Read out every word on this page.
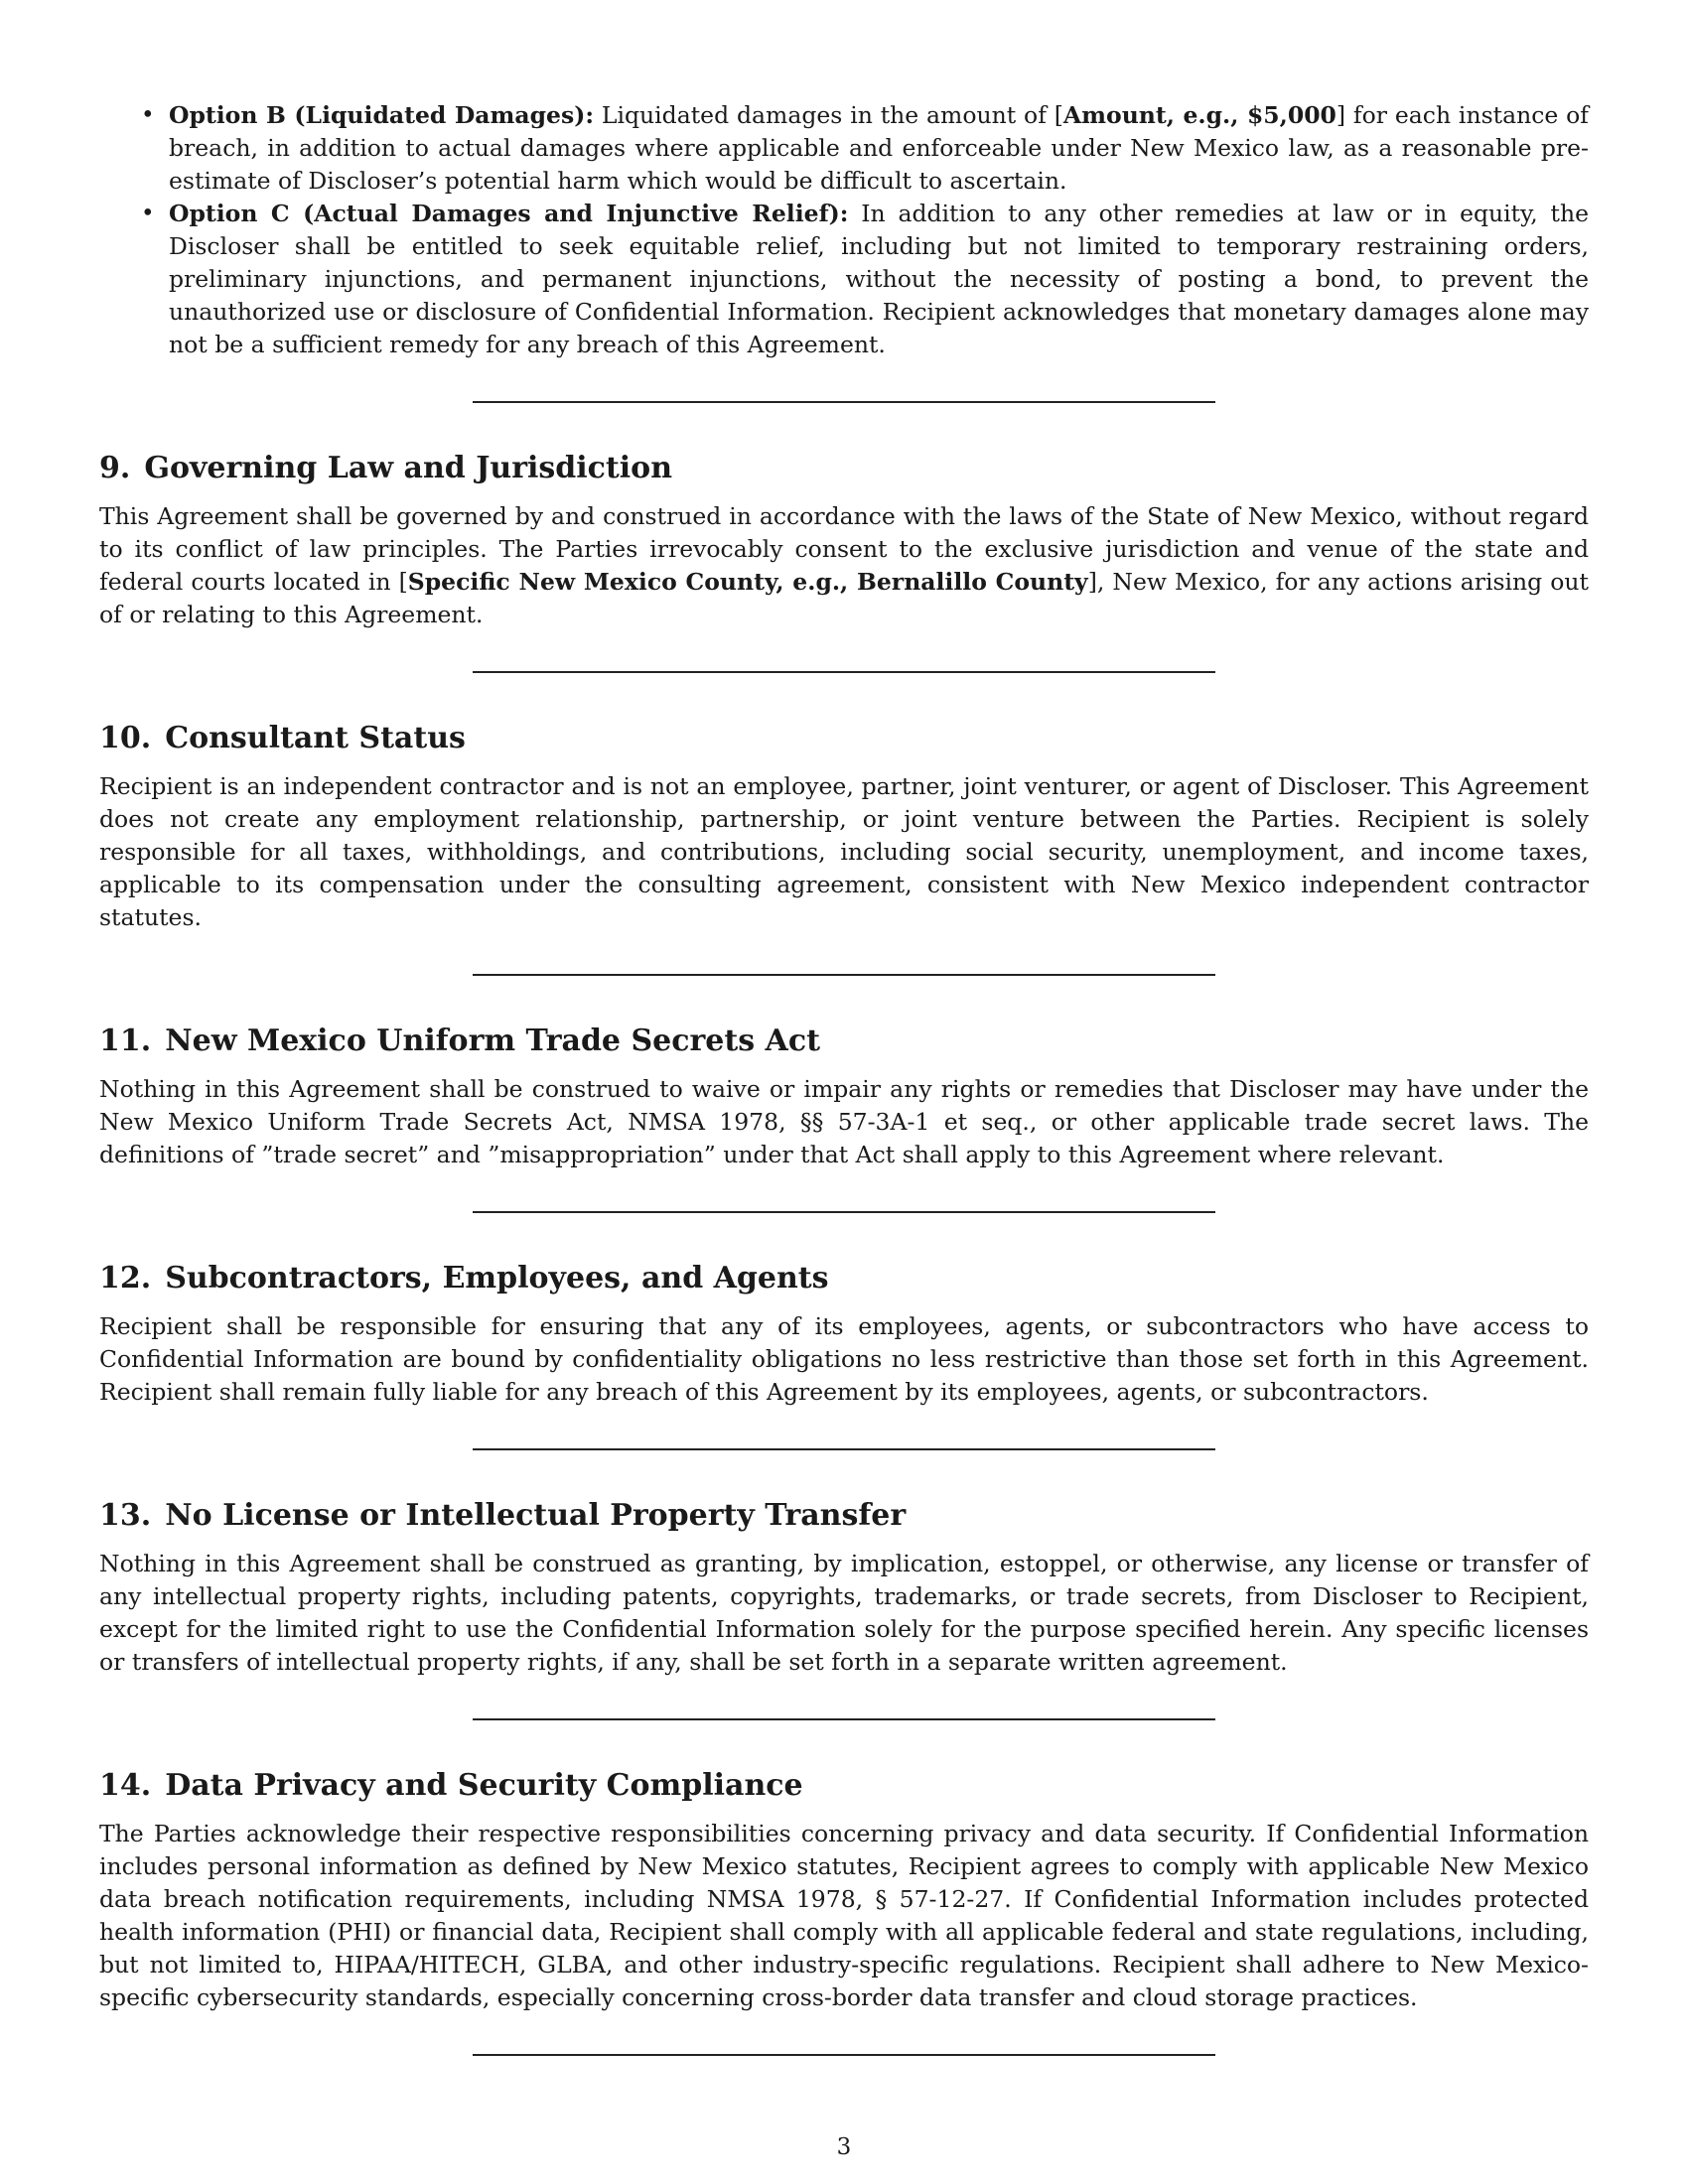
• Option B (Liquidated Damages): Liquidated damages in the amount of [Amount, e.g., $5,000] for each instance of breach, in addition to actual damages where applicable and enforceable under New Mexico law, as a reasonable pre-estimate of Discloser’s potential harm which would be difficult to ascertain.
• Option C (Actual Damages and Injunctive Relief): In addition to any other remedies at law or in equity, the Discloser shall be entitled to seek equitable relief, including but not limited to temporary restraining orders, preliminary injunctions, and permanent injunctions, without the necessity of posting a bond, to prevent the unauthorized use or disclosure of Confidential Information. Recipient acknowledges that monetary damages alone may not be a sufficient remedy for any breach of this Agreement.
9. Governing Law and Jurisdiction

This Agreement shall be governed by and construed in accordance with the laws of the State of New Mexico, without regard to its conflict of law principles. The Parties irrevocably consent to the exclusive jurisdiction and venue of the state and federal courts located in [Specific New Mexico County, e.g., Bernalillo County], New Mexico, for any actions arising out of or relating to this Agreement.

10. Consultant Status

Recipient is an independent contractor and is not an employee, partner, joint venturer, or agent of Discloser. This Agreement does not create any employment relationship, partnership, or joint venture between the Parties. Recipient is solely responsible for all taxes, withholdings, and contributions, including social security, unemployment, and income taxes, applicable to its compensation under the consulting agreement, consistent with New Mexico independent contractor statutes.

11. New Mexico Uniform Trade Secrets Act

Nothing in this Agreement shall be construed to waive or impair any rights or remedies that Discloser may have under the New Mexico Uniform Trade Secrets Act, NMSA 1978, §§ 57-3A-1 et seq., or other applicable trade secret laws. The definitions of ”trade secret” and ”misappropriation” under that Act shall apply to this Agreement where relevant.

12. Subcontractors, Employees, and Agents

Recipient shall be responsible for ensuring that any of its employees, agents, or subcontractors who have access to Confidential Information are bound by confidentiality obligations no less restrictive than those set forth in this Agreement. Recipient shall remain fully liable for any breach of this Agreement by its employees, agents, or subcontractors.

13. No License or Intellectual Property Transfer

Nothing in this Agreement shall be construed as granting, by implication, estoppel, or otherwise, any license or transfer of any intellectual property rights, including patents, copyrights, trademarks, or trade secrets, from Discloser to Recipient, except for the limited right to use the Confidential Information solely for the purpose specified herein. Any specific licenses or transfers of intellectual property rights, if any, shall be set forth in a separate written agreement.

14. Data Privacy and Security Compliance

The Parties acknowledge their respective responsibilities concerning privacy and data security. If Confidential Information includes personal information as defined by New Mexico statutes, Recipient agrees to comply with applicable New Mexico data breach notification requirements, including NMSA 1978, § 57-12-27. If Confidential Information includes protected health information (PHI) or financial data, Recipient shall comply with all applicable federal and state regulations, including, but not limited to, HIPAA/HITECH, GLBA, and other industry-specific regulations. Recipient shall adhere to New Mexico-specific cybersecurity standards, especially concerning cross-border data transfer and cloud storage practices.

3
